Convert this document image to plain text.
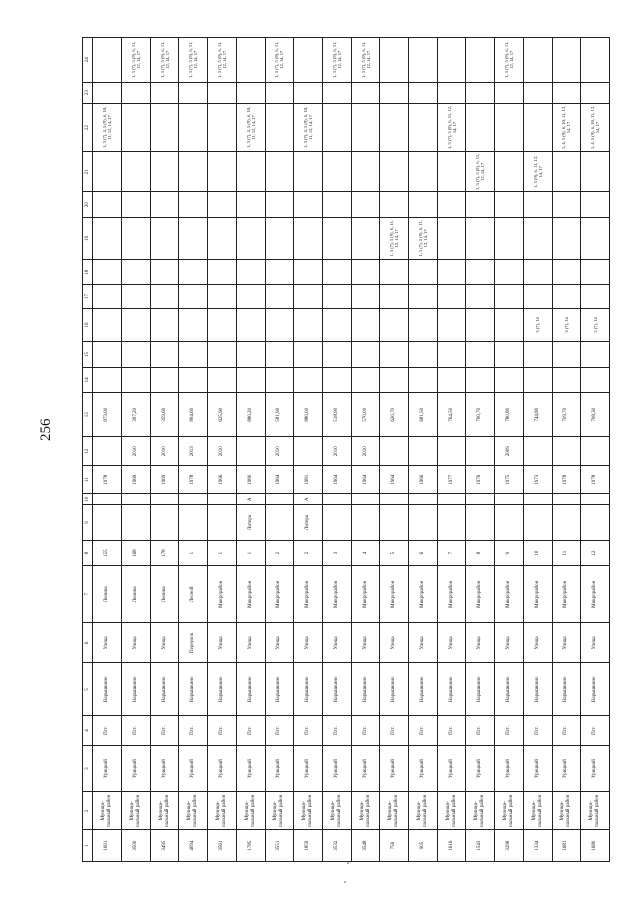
256
1	2	3	4	5	6	7	8	9	10	11	12	13	14	15	16	17	18	19	20	21	22	23	24
1691	Муници-пальный район	Урицкий	Пгт.	Нарышкино	Улица	Ленина	155			1978		873,00									1, 3 (7), 4, 5 (9), 6, 10, 11, 12, 14, 17		
3500	Муници-пальный район	Урицкий	Пгт.	Нарышкино	Улица	Ленина	168			1969	2010	397,20											1, 3 (7), 5 (9), 6, 11, 12, 14, 17
3495	Муници-пальный район	Урицкий	Пгт.	Нарышкино	Улица	Ленина	178			1969	2010	359,60											1, 3 (7), 5 (9), 6, 11, 12, 14, 17
4094	Муници-пальный район	Урицкий	Пгт.	Нарышкино	Переулок	Лесной	1			1978	2013	804,60											1, 3 (7), 5 (9), 6, 11, 12, 14, 17
3561	Муници-пальный район	Урицкий	Пгт.	Нарышкино	Улица	Микрорайон	1			1966	2010	625,90											1, 3 (7), 5 (9), 6, 11, 12, 14, 17
1785	Муници-пальный район	Урицкий	Пгт.	Нарышкино	Улица	Микрорайон	1	Литера	А	1980		880,20									1, 3 (7), 4, 5 (9), 6, 10, 11, 12, 14, 17		
3551	Муници-пальный район	Урицкий	Пгт.	Нарышкино	Улица	Микрорайон	2			1964	2010	581,90											1, 3 (7), 5 (9), 6, 11, 12, 14, 17
1859	Муници-пальный район	Урицкий	Пгт.	Нарышкино	Улица	Микрорайон	2	Литера	А	1981		880,00									1, 3 (7), 4, 5 (9), 6, 10, 11, 12, 14, 17		
3532	Муници-пальный район	Урицкий	Пгт.	Нарышкино	Улица	Микрорайон	3			1964	2010	518,90											1, 3 (7), 5 (9), 6, 11, 12, 14, 17
3548	Муници-пальный район	Урицкий	Пгт.	Нарышкино	Улица	Микрорайон	4			1964	2010	570,00											1, 3 (7), 5 (9), 6, 11, 12, 14, 17
756	Муници-пальный район	Урицкий	Пгт.	Нарышкино	Улица	Микрорайон	5			1964		620,70						1, 5 (7), 5 (9), 6, 11, 12, 14, 17					
905	Муници-пальный район	Урицкий	Пгт.	Нарышкино	Улица	Микрорайон	6			1966		681,50						1, 5 (7), 5 (9), 6, 11, 12, 14, 17					
1616	Муници-пальный район	Урицкий	Пгт.	Нарышкино	Улица	Микрорайон	7			1977		764,50									1, 3 (7), 5 (9), 6, 11, 12, 14, 17		
1543	Муници-пальный район	Урицкий	Пгт.	Нарышкино	Улица	Микрорайон	8			1976		700,70								1, 3 (7), 5 (9), 6, 11, 12, 14, 17			
3298	Муници-пальный район	Урицкий	Пгт.	Нарышкино	Улица	Микрорайон	9			1975	2009	780,80											1, 3 (7), 5 (9), 6, 11, 12, 14, 17
1334	Муници-пальный район	Урицкий	Пгт.	Нарышкино	Улица	Микрорайон	10			1973		744,80			3 (7), 14					1, 5 (9), 6, 11, 12, 14, 17			
1681	Муници-пальный район	Урицкий	Пгт.	Нарышкино	Улица	Микрорайон	11			1978		709,70			3 (7), 14						1, 4, 5 (9), 6, 10, 11, 12, 14, 17		
1680	Муници-пальный район	Урицкий	Пгт.	Нарышкино	Улица	Микрорайон	12			1978		708,30			3 (7), 14						1, 4, 5 (9), 6, 10, 11, 12, 14, 17		
